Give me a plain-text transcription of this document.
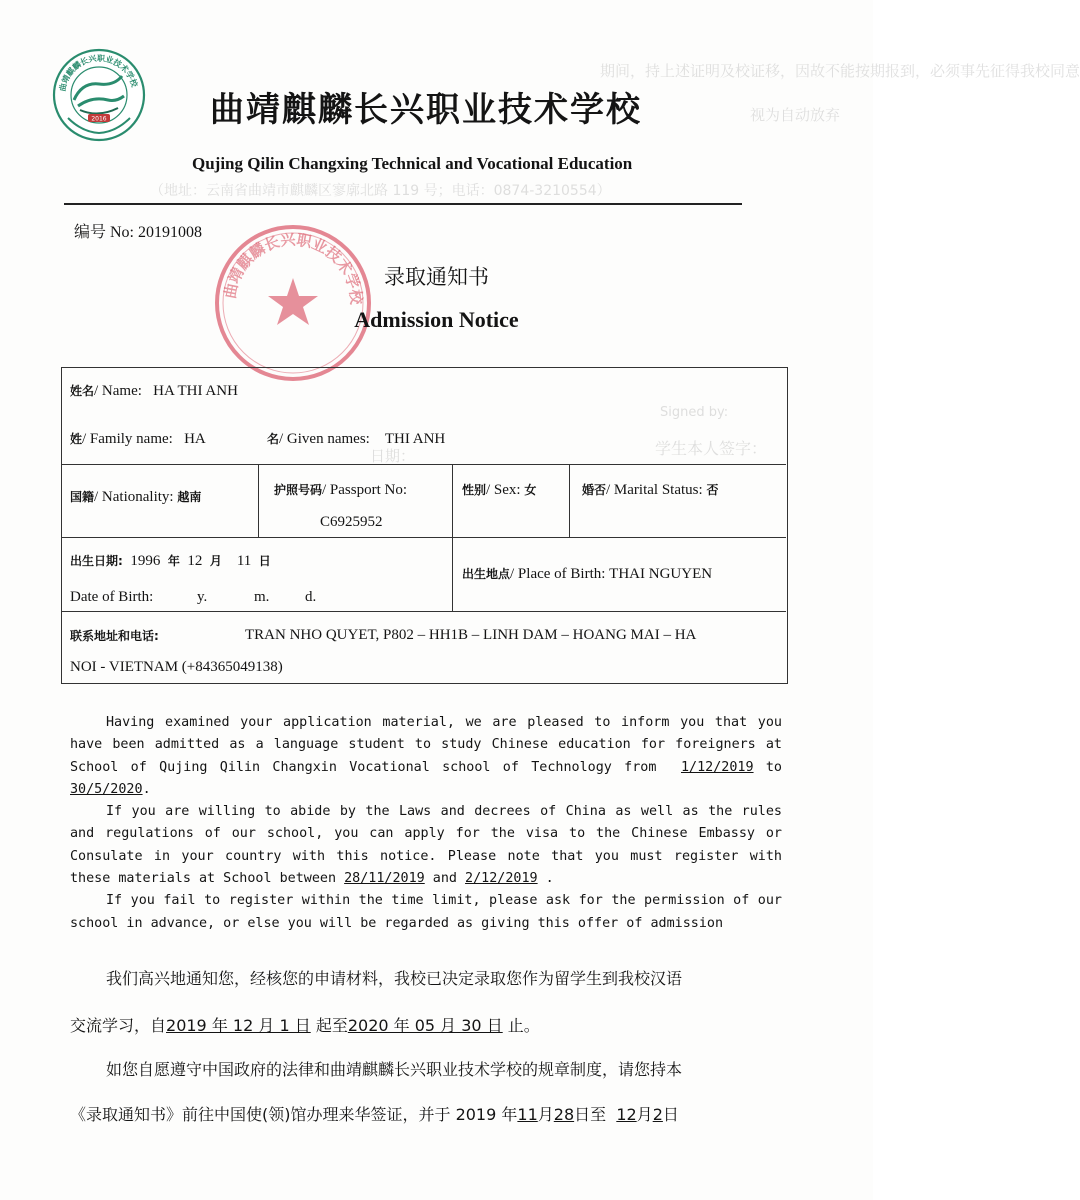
期间，持上述证明及校证移，因故不能按期报到，必须事先征得我校同意
视为自动放弃
（地址：云南省曲靖市麒麟区寥廓北路 119 号；电话：0874-3210554）
Signed by:
学生本人签字：
日期：
曲靖麒麟长兴职业技术学校
2016	曲靖麒麟长兴职业技术学校
Qujing Qilin Changxing Technical and Vocational Education
编号 No: 20191008
曲靖麒麟长兴职业技术学校
录取通知书
Admission Notice
姓名/ Name: HA THI ANH
姓/ Family name: HA	名/ Given names: THI ANH
国籍/ Nationality: 越南	护照号码/ Passport No:
C6925952
性别/ Sex: 女	婚否/ Marital Status: 否
出生日期: 1996 年 12 月 11 日
Date of Birth:	y.	m. d.
出生地点/ Place of Birth: THAI NGUYEN
联系地址和电话:	TRAN NHO QUYET, P802 – HH1B – LINH DAM – HOANG MAI – HA
NOI - VIETNAM (+84365049138)

Having examined your application material, we are pleased to inform you that you have been admitted as a language student to study Chinese education for foreigners at School of Qujing Qilin Changxin Vocational school of Technology from 1/12/2019 to 30/5/2020.

If you are willing to abide by the Laws and decrees of China as well as the rules and regulations of our school, you can apply for the visa to the Chinese Embassy or Consulate in your country with this notice. Please note that you must register with these materials at School between 28/11/2019 and 2/12/2019 .

If you fail to register within the time limit, please ask for the permission of our school in advance, or else you will be regarded as giving this offer of admission

我们高兴地通知您，经核您的申请材料，我校已决定录取您作为留学生到我校汉语
交流学习，自2019 年 12 月 1 日 起至2020 年 05 月 30 日 止。
如您自愿遵守中国政府的法律和曲靖麒麟长兴职业技术学校的规章制度，请您持本
《录取通知书》前往中国使(领)馆办理来华签证，并于 2019 年11月28日至 12月2日
